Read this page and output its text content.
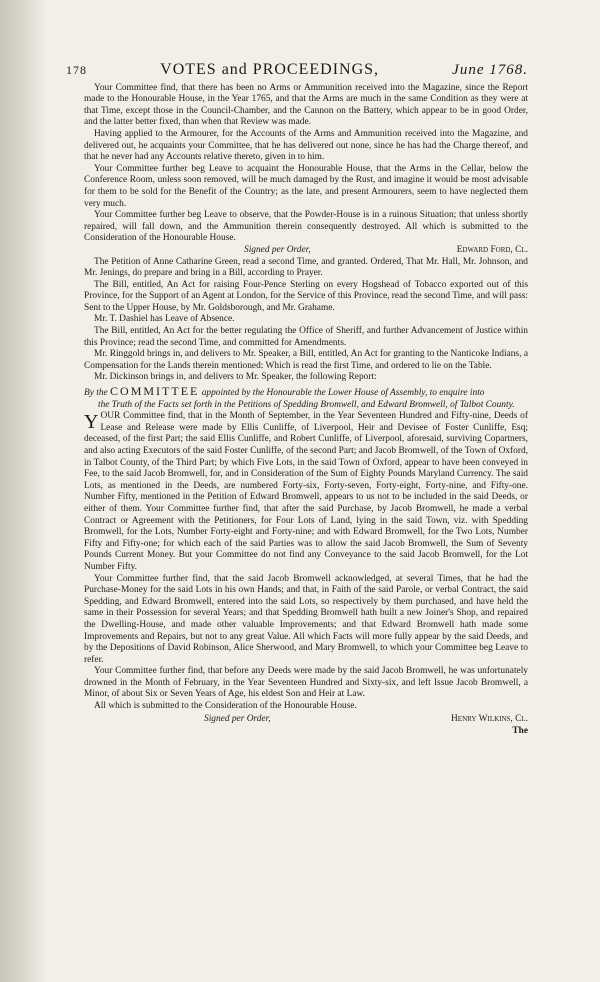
178	VOTES and PROCEEDINGS,	June 1768.

Your Committee find, that there has been no Arms or Ammunition received into the Magazine, since the Report made to the Honourable House, in the Year 1765, and that the Arms are much in the same Condition as they were at that Time, except those in the Council-Chamber, and the Cannon on the Battery, which appear to be in good Order, and the latter better fixed, than when that Review was made.

Having applied to the Armourer, for the Accounts of the Arms and Ammunition received into the Magazine, and delivered out, he acquaints your Committee, that he has delivered out none, since he has had the Charge thereof, and that he never had any Accounts relative thereto, given in to him.

Your Committee further beg Leave to acquaint the Honourable House, that the Arms in the Cellar, below the Conference Room, unless soon removed, will be much damaged by the Rust, and imagine it would be most advisable for them to be sold for the Benefit of the Country; as the late, and present Armourers, seem to have neglected them very much.

Your Committee further beg Leave to observe, that the Powder-House is in a ruinous Situation; that unless shortly repaired, will fall down, and the Ammunition therein consequently destroyed. All which is submitted to the Consideration of the Honourable House.

Signed per Order,	Edward Ford, Cl.

The Petition of Anne Catharine Green, read a second Time, and granted. Ordered, That Mr. Hall, Mr. Johnson, and Mr. Jenings, do prepare and bring in a Bill, according to Prayer.

The Bill, entitled, An Act for raising Four-Pence Sterling on every Hogshead of Tobacco exported out of this Province, for the Support of an Agent at London, for the Service of this Province, read the second Time, and will pass: Sent to the Upper House, by Mr. Goldsborough, and Mr. Grahame.

Mr. T. Dashiel has Leave of Absence.

The Bill, entitled, An Act for the better regulating the Office of Sheriff, and further Advancement of Justice within this Province; read the second Time, and committed for Amendments.

Mr. Ringgold brings in, and delivers to Mr. Speaker, a Bill, entitled, An Act for granting to the Nanticoke Indians, a Compensation for the Lands therein mentioned: Which is read the first Time, and ordered to lie on the Table.

Mr. Dickinson brings in, and delivers to Mr. Speaker, the following Report:

By the COMMITTEE appointed by the Honourable the Lower House of Assembly, to enquire into
the Truth of the Facts set forth in the Petitions of Spedding Bromwell, and Edward Bromwell, of Talbot County.

YOUR Committee find, that in the Month of September, in the Year Seventeen Hundred and Fifty-nine, Deeds of Lease and Release were made by Ellis Cunliffe, of Liverpool, Heir and Devisee of Foster Cunliffe, Esq; deceased, of the first Part; the said Ellis Cunliffe, and Robert Cunliffe, of Liverpool, aforesaid, surviving Copartners, and also acting Executors of the said Foster Cunliffe, of the second Part; and Jacob Bromwell, of the Town of Oxford, in Talbot County, of the Third Part; by which Five Lots, in the said Town of Oxford, appear to have been conveyed in Fee, to the said Jacob Bromwell, for, and in Consideration of the Sum of Eighty Pounds Maryland Currency. The said Lots, as mentioned in the Deeds, are numbered Forty-six, Forty-seven, Forty-eight, Forty-nine, and Fifty-one. Number Fifty, mentioned in the Petition of Edward Bromwell, appears to us not to be included in the said Deeds, or either of them. Your Committee further find, that after the said Purchase, by Jacob Bromwell, he made a verbal Contract or Agreement with the Petitioners, for Four Lots of Land, lying in the said Town, viz. with Spedding Bromwell, for the Lots, Number Forty-eight and Forty-nine; and with Edward Bromwell, for the Two Lots, Number Fifty and Fifty-one; for which each of the said Parties was to allow the said Jacob Bromwell, the Sum of Seventy Pounds Current Money. But your Committee do not find any Conveyance to the said Jacob Bromwell, for the Lot Number Fifty.

Your Committee further find, that the said Jacob Bromwell acknowledged, at several Times, that he had the Purchase-Money for the said Lots in his own Hands; and that, in Faith of the said Parole, or verbal Contract, the said Spedding, and Edward Bromwell, entered into the said Lots, so respectively by them purchased, and have held the same in their Possession for several Years; and that Spedding Bromwell hath built a new Joiner's Shop, and repaired the Dwelling-House, and made other valuable Improvements; and that Edward Bromwell hath made some Improvements and Repairs, but not to any great Value. All which Facts will more fully appear by the said Deeds, and by the Depositions of David Robinson, Alice Sherwood, and Mary Bromwell, to which your Committee beg Leave to refer.

Your Committee further find, that before any Deeds were made by the said Jacob Bromwell, he was unfortunately drowned in the Month of February, in the Year Seventeen Hundred and Sixty-six, and left Issue Jacob Bromwell, a Minor, of about Six or Seven Years of Age, his eldest Son and Heir at Law.

All which is submitted to the Consideration of the Honourable House.

Signed per Order,	Henry Wilkins, Cl.
The
